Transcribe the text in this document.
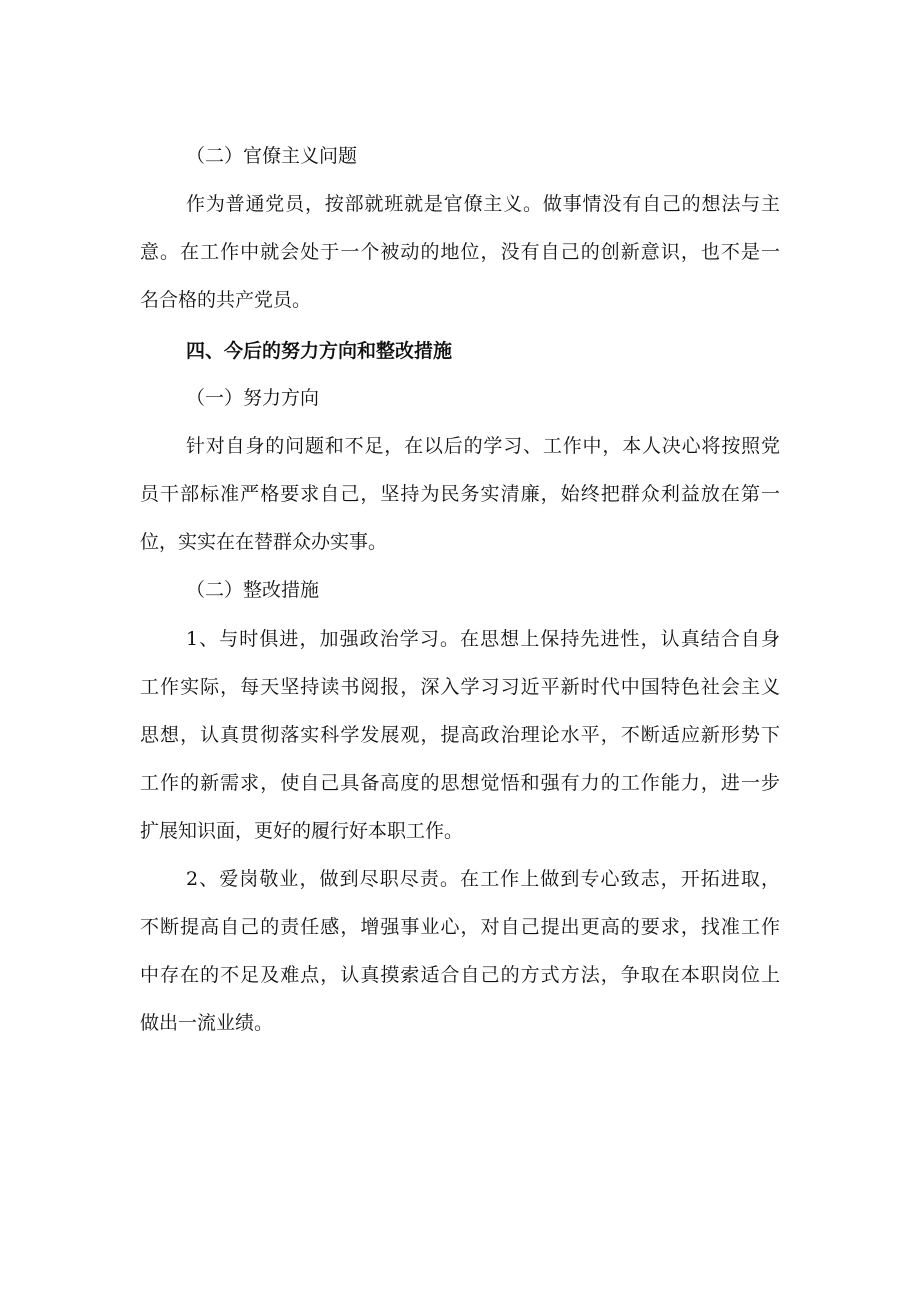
（二）官僚主义问题

作为普通党员，按部就班就是官僚主义。做事情没有自己的想法与主

意。在工作中就会处于一个被动的地位，没有自己的创新意识，也不是一

名合格的共产党员。

四、今后的努力方向和整改措施

（一）努力方向

针对自身的问题和不足，在以后的学习、工作中，本人决心将按照党

员干部标准严格要求自己，坚持为民务实清廉，始终把群众利益放在第一

位，实实在在替群众办实事。

（二）整改措施

1、与时俱进，加强政治学习。在思想上保持先进性，认真结合自身

工作实际，每天坚持读书阅报，深入学习习近平新时代中国特色社会主义

思想，认真贯彻落实科学发展观，提高政治理论水平，不断适应新形势下

工作的新需求，使自己具备高度的思想觉悟和强有力的工作能力，进一步

扩展知识面，更好的履行好本职工作。

2、爱岗敬业，做到尽职尽责。在工作上做到专心致志，开拓进取，

不断提高自己的责任感，增强事业心，对自己提出更高的要求，找准工作

中存在的不足及难点，认真摸索适合自己的方式方法，争取在本职岗位上

做出一流业绩。
